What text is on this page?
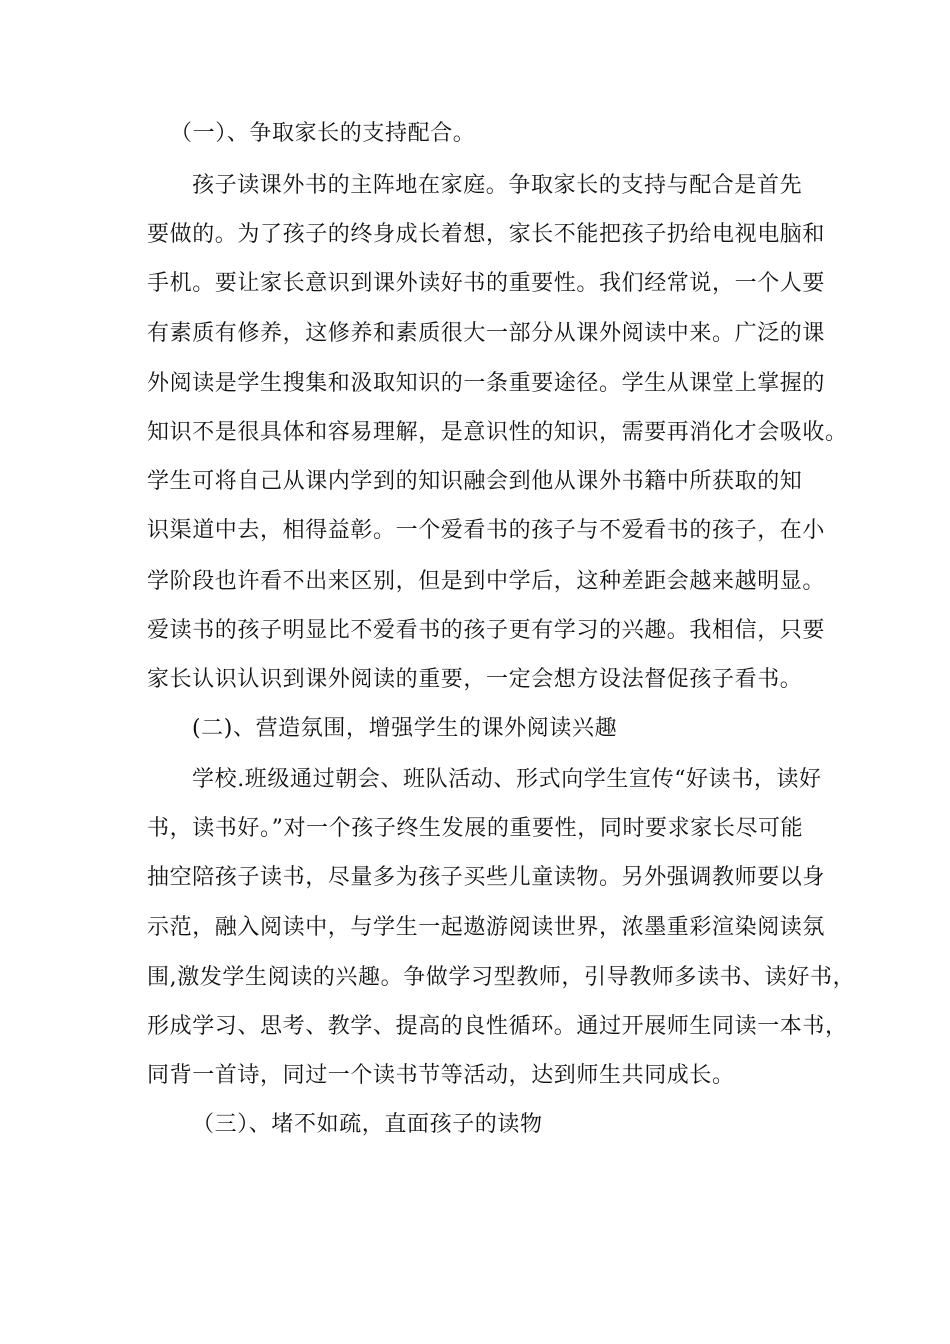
（一）、争取家长的支持配合。
孩子读课外书的主阵地在家庭。争取家长的支持与配合是首先
要做的。为了孩子的终身成长着想，家长不能把孩子扔给电视电脑和
手机。要让家长意识到课外读好书的重要性。我们经常说，一个人要
有素质有修养，这修养和素质很大一部分从课外阅读中来。广泛的课
外阅读是学生搜集和汲取知识的一条重要途径。学生从课堂上掌握的
知识不是很具体和容易理解，是意识性的知识，需要再消化才会吸收。
学生可将自己从课内学到的知识融会到他从课外书籍中所获取的知
识渠道中去，相得益彰。一个爱看书的孩子与不爱看书的孩子，在小
学阶段也许看不出来区别，但是到中学后，这种差距会越来越明显。
爱读书的孩子明显比不爱看书的孩子更有学习的兴趣。我相信，只要
家长认识认识到课外阅读的重要，一定会想方设法督促孩子看书。
(二)、营造氛围，增强学生的课外阅读兴趣
学校.班级通过朝会、班队活动、形式向学生宣传“好读书，读好
书，读书好。”对一个孩子终生发展的重要性，同时要求家长尽可能
抽空陪孩子读书，尽量多为孩子买些儿童读物。另外强调教师要以身
示范，融入阅读中，与学生一起遨游阅读世界，浓墨重彩渲染阅读氛
围,激发学生阅读的兴趣。争做学习型教师，引导教师多读书、读好书，
形成学习、思考、教学、提高的良性循环。通过开展师生同读一本书，
同背一首诗，同过一个读书节等活动，达到师生共同成长。
（三）、堵不如疏，直面孩子的读物
